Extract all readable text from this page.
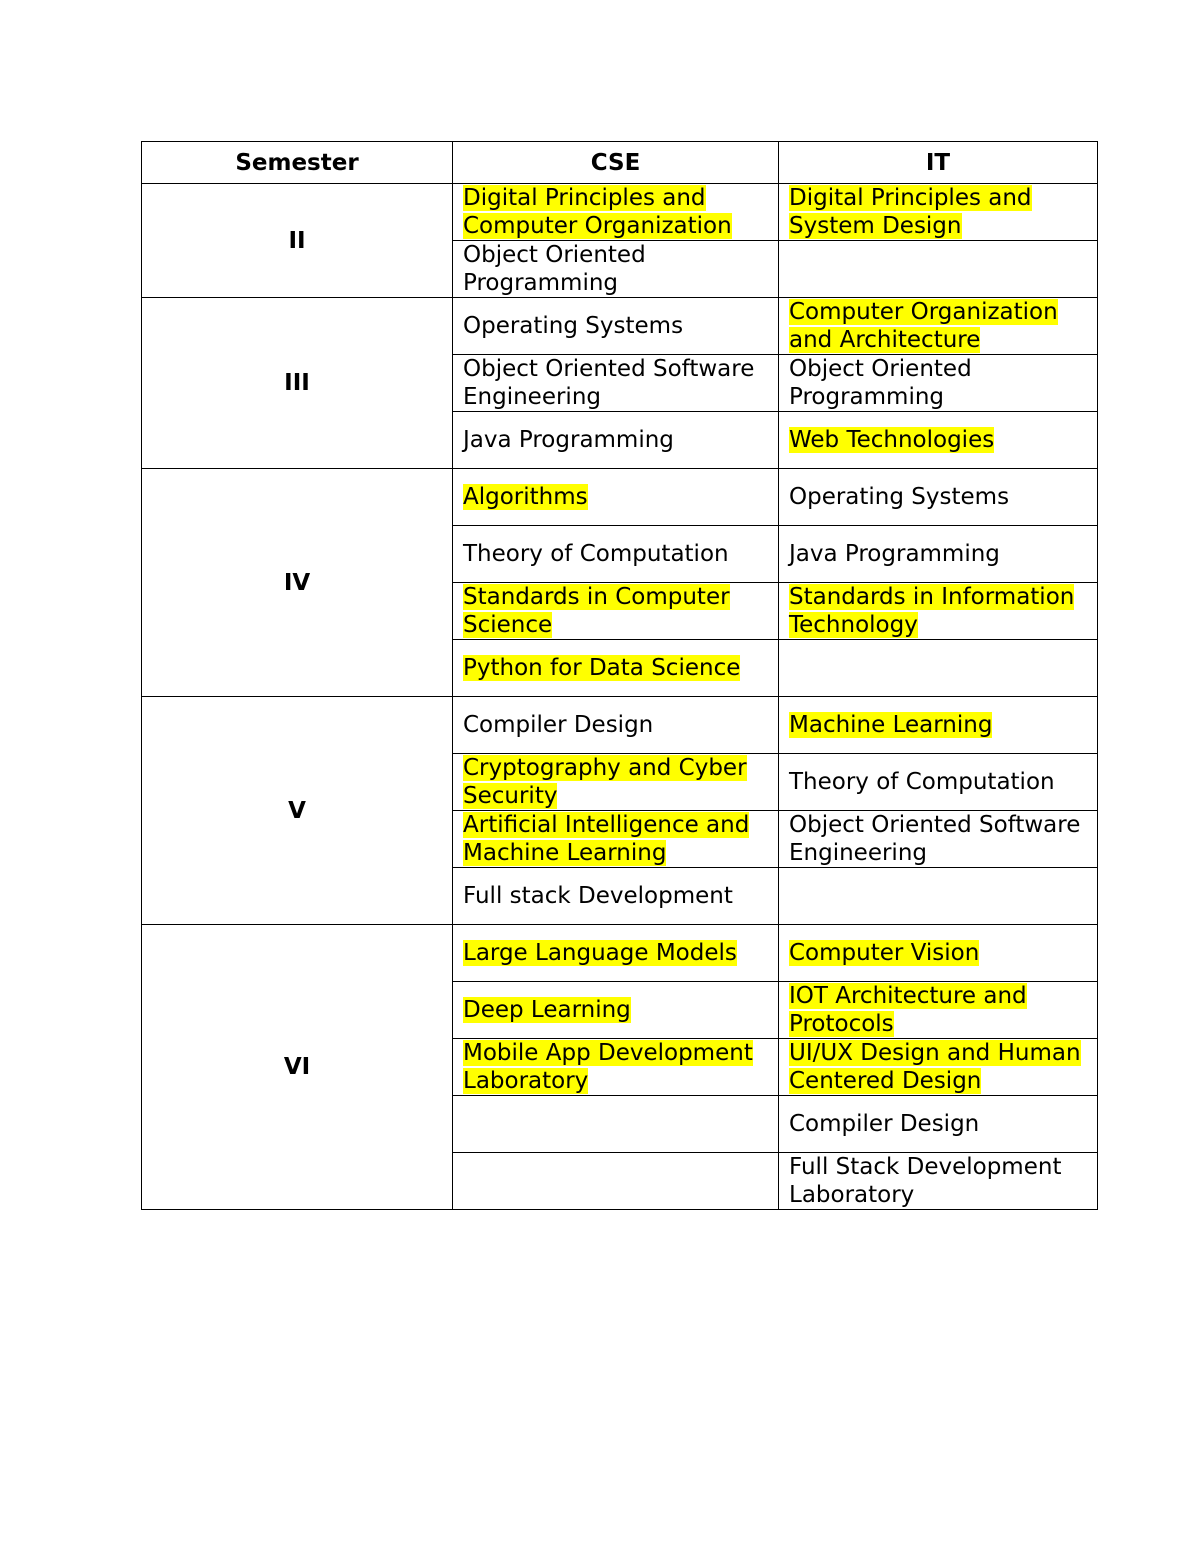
Semester	CSE	IT
II	Digital Principles and Computer Organization	Digital Principles and System Design
	Object Oriented Programming	
III	Operating Systems	Computer Organization and Architecture
	Object Oriented Software Engineering	Object Oriented Programming
	Java Programming	Web Technologies
IV	Algorithms	Operating Systems
	Theory of Computation	Java Programming
	Standards in Computer Science	Standards in Information Technology
	Python for Data Science	
V	Compiler Design	Machine Learning
	Cryptography and Cyber Security	Theory of Computation
	Artificial Intelligence and Machine Learning	Object Oriented Software Engineering
	Full stack Development	
VI	Large Language Models	Computer Vision
	Deep Learning	IOT Architecture and Protocols
	Mobile App Development Laboratory	UI/UX Design and Human Centered Design
		Compiler Design
		Full Stack Development Laboratory
